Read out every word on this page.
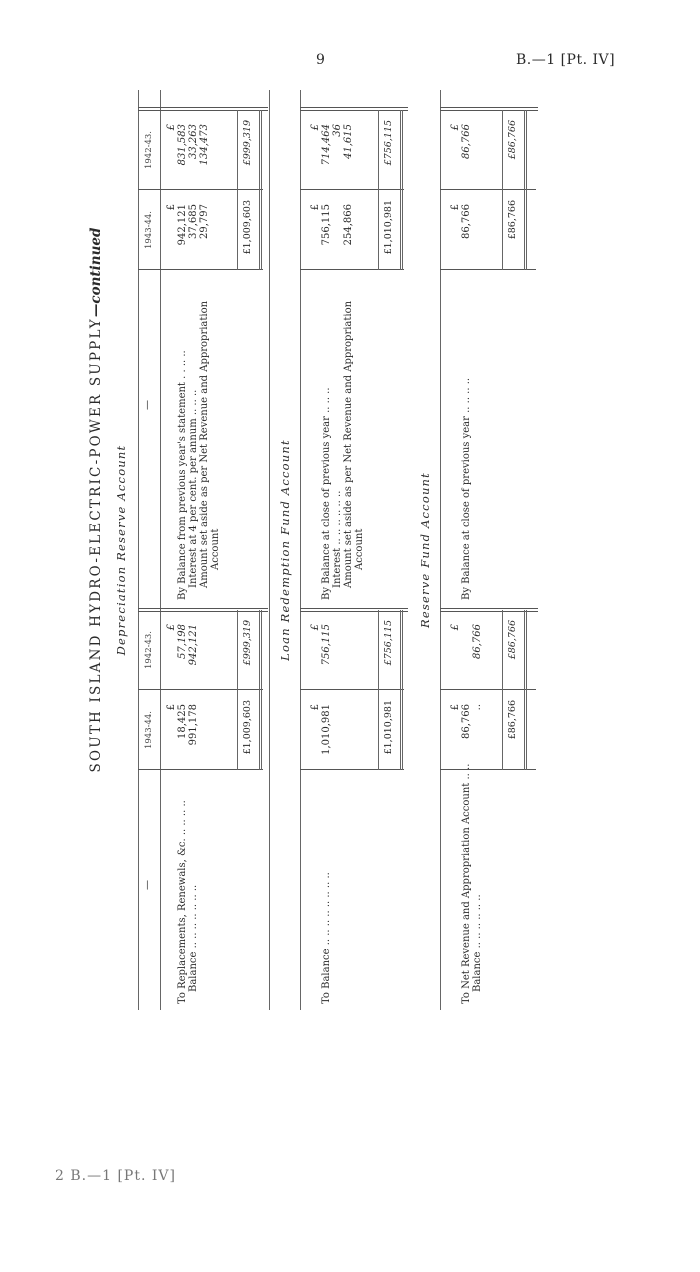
9	B.—1 [Pt. IV]
2 B.—1 [Pt. IV]
SOUTH ISLAND HYDRO-ELECTRIC-POWER SUPPLY—continued
Depreciation Reserve Account
1943-44.
1942-43.
1943-44.
1942-43.
—
—
£
£
To Replacements, Renewals, &c. .. .. .. ..
18,425
57,198
Balance .. .. .. .. .. .. ..
991,178
942,121
£
£
By Balance from previous year's statement . . .. ..
942,121
831,583
Interest at 4 per cent. per annum .. .. ..
37,685
33,263
Amount set aside as per Net Revenue and Appropriation
29,797
134,473
Account
£1,009,603
£999,319
£1,009,603
£999,319
Loan Redemption Fund Account
£
£
To Balance .. .. .. .. .. .. .. ..
1,010,981
756,115
£
£
By Balance at close of previous year .. .. ..
756,115
714,464
Interest .. .. .. .. .. ..
36
Amount set aside as per Net Revenue and Appropriation
254,866
41,615
Account
£1,010,981
£756,115
£1,010,981
£756,115
Reserve Fund Account
£
£
To Net Revenue and Appropriation Account .. ..
86,766
Balance .. .. .. .. .. ..
..
86,766
£
£
By Balance at close of previous year .. .. .. ..
86,766
86,766
£86,766
£86,766
£86,766
£86,766
